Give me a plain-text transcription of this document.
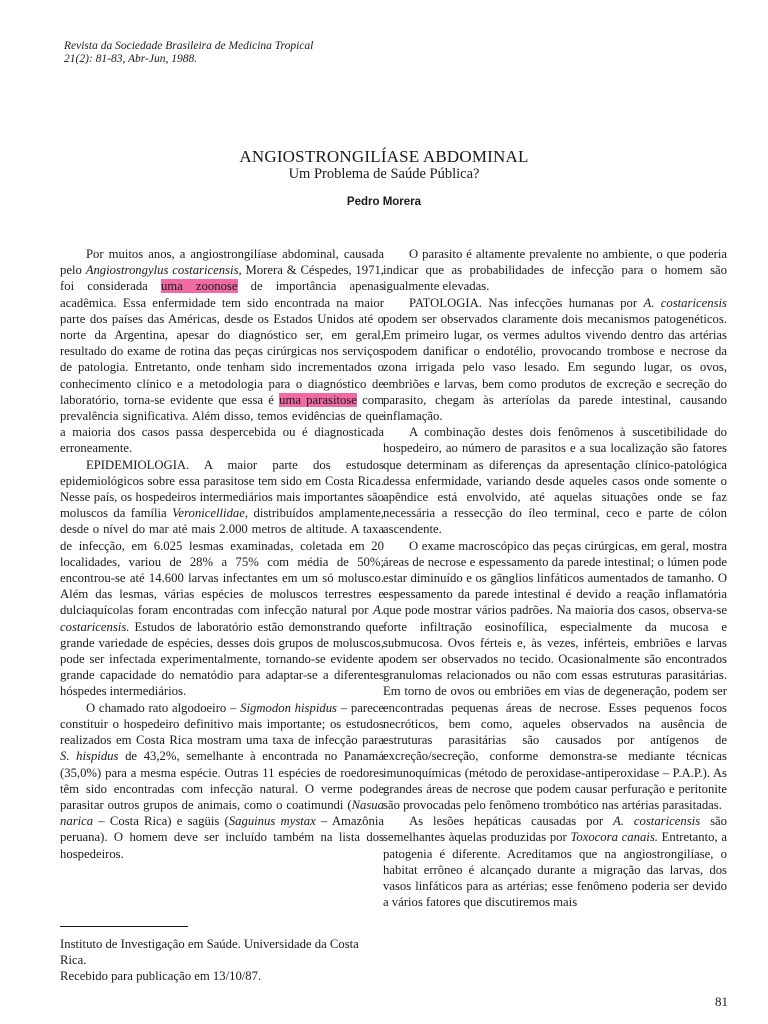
Revista da Sociedade Brasileira de Medicina Tropical
21(2): 81-83, Abr-Jun, 1988.
ANGIOSTRONGILÍASE ABDOMINAL
Um Problema de Saúde Pública?
Pedro Morera

Por muitos anos, a angiostrongilíase abdominal, causada pelo Angiostrongylus costaricensis, Morera & Céspedes, 1971, foi considerada uma zoonose de importância apenas acadêmica. Essa enfermidade tem sido encontrada na maior parte dos países das Américas, desde os Estados Unidos até o norte da Argentina, apesar do diagnóstico ser, em geral, resultado do exame de rotina das peças cirúrgicas nos serviços de patologia. Entretanto, onde tenham sido incrementados o conhecimento clínico e a metodologia para o diagnóstico de laboratório, torna-se evidente que essa é uma parasitose com prevalência significativa. Além disso, temos evidências de que a maioria dos casos passa despercebida ou é diagnosticada erroneamente.

EPIDEMIOLOGIA. A maior parte dos estudos epidemiológicos sobre essa parasitose tem sido em Costa Rica. Nesse país, os hospedeiros intermediários mais importantes são moluscos da família Veronicellidae, distribuídos amplamente, desde o nível do mar até mais 2.000 metros de altitude. A taxa de infecção, em 6.025 lesmas examinadas, coletada em 20 localidades, variou de 28% a 75% com média de 50%; encontrou-se até 14.600 larvas infectantes em um só molusco. Além das lesmas, várias espécies de moluscos terrestres e dulciaquícolas foram encontradas com infecção natural por A. costaricensis. Estudos de laboratório estão demonstrando que grande variedade de espécies, desses dois grupos de moluscos, pode ser infectada experimentalmente, tornando-se evidente a grande capacidade do nematódio para adaptar-se a diferentes hóspedes intermediários.

O chamado rato algodoeiro – Sigmodon hispidus – parece constituir o hospedeiro definitivo mais importante; os estudos realizados em Costa Rica mostram uma taxa de infecção para S. hispidus de 43,2%, semelhante à encontrada no Panamá (35,0%) para a mesma espécie. Outras 11 espécies de roedores têm sido encontradas com infecção natural. O verme pode parasitar outros grupos de animais, como o coatimundi (Nasua narica – Costa Rica) e sagüis (Saguinus mystax – Amazônia peruana). O homem deve ser incluído também na lista dos hospedeiros.

O parasito é altamente prevalente no ambiente, o que poderia indicar que as probabilidades de infecção para o homem são igualmente elevadas.

PATOLOGIA. Nas infecções humanas por A. costaricensis podem ser observados claramente dois mecanismos patogenéticos. Em primeiro lugar, os vermes adultos vivendo dentro das artérias podem danificar o endotélio, provocando trombose e necrose da zona irrigada pelo vaso lesado. Em segundo lugar, os ovos, embriões e larvas, bem como produtos de excreção e secreção do parasito, chegam às arteríolas da parede intestinal, causando inflamação.

A combinação destes dois fenômenos à suscetibilidade do hospedeiro, ao número de parasitos e a sua localização são fatores que determinam as diferenças da apresentação clínico-patológica dessa enfermidade, variando desde aqueles casos onde somente o apêndice está envolvido, até aquelas situações onde se faz necessária a ressecção do íleo terminal, ceco e parte de cólon ascendente.

O exame macroscópico das peças cirúrgicas, em geral, mostra áreas de necrose e espessamento da parede intestinal; o lúmen pode estar diminuído e os gânglios linfáticos aumentados de tamanho. O espessamento da parede intestinal é devido a reação inflamatória que pode mostrar vários padrões. Na maioria dos casos, observa-se forte infiltração eosinofílica, especialmente da mucosa e submucosa. Ovos férteis e, às vezes, inférteis, embriões e larvas podem ser observados no tecido. Ocasionalmente são encontrados granulomas relacionados ou não com essas estruturas parasitárias. Em torno de ovos ou embriões em vias de degeneração, podem ser encontradas pequenas áreas de necrose. Esses pequenos focos necróticos, bem como, aqueles observados na ausência de estruturas parasitárias são causados por antígenos de excreção/secreção, conforme demonstra-se mediante técnicas imunoquímicas (método de peroxidase-antiperoxidase – P.A.P.). As grandes áreas de necrose que podem causar perfuração e peritonite são provocadas pelo fenômeno trombótico nas artérias parasitadas.

As lesões hepáticas causadas por A. costaricensis são semelhantes àquelas produzidas por Toxocora canais. Entretanto, a patogenia é diferente. Acreditamos que na angiostrongilíase, o habitat errôneo é alcançado durante a migração das larvas, dos vasos linfáticos para as artérias; esse fenômeno poderia ser devido a vários fatores que discutiremos mais

Instituto de Investigação em Saúde. Universidade da Costa Rica.
Recebido para publicação em 13/10/87.
81
